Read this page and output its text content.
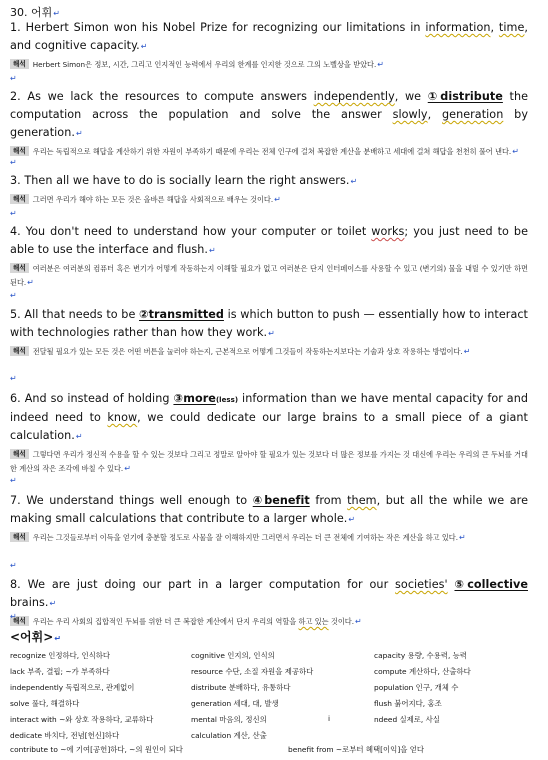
30. 어휘↵
1. Herbert Simon won his Nobel Prize for recognizing our limitations in information, time, and cognitive capacity.↵
해석 Herbert Simon은 정보, 시간, 그리고 인지적인 능력에서 우리의 한계를 인지한 것으로 그의 노벨상을 받았다.↵
↵
2. As we lack the resources to compute answers independently, we ①distribute the computation across the population and solve the answer slowly, generation by generation.↵
해석 우리는 독립적으로 해답을 계산하기 위한 자원이 부족하기 때문에 우리는 전체 인구에 걸쳐 복잡한 계산을 분배하고 세대에 걸쳐 해답을 천천히 풀어 낸다.↵
↵
3. Then all we have to do is socially learn the right answers.↵
해석 그러면 우리가 해야 하는 모든 것은 올바른 해답을 사회적으로 배우는 것이다.↵
↵
4. You don't need to understand how your computer or toilet works; you just need to be able to use the interface and flush.↵
해석 여러분은 여러분의 컴퓨터 혹은 변기가 어떻게 작동하는지 이해할 필요가 없고 여러분은 단지 인터페이스를 사용할 수 있고 (변기의) 물을 내릴 수 있기만 하면 된다.↵
↵
5. All that needs to be ②transmitted is which button to push — essentially how to interact with technologies rather than how they work.↵
해석 전달될 필요가 있는 모든 것은 어떤 버튼을 눌러야 하는지, 근본적으로 어떻게 그것들이 작동하는지보다는 기술과 상호 작용하는 방법이다.↵
↵
6. And so instead of holding ③more(less) information than we have mental capacity for and indeed need to know, we could dedicate our large brains to a small piece of a giant calculation.↵
해석 그렇다면 우리가 정신적 수용을 할 수 있는 것보다 그리고 정말로 알아야 할 필요가 있는 것보다 더 많은 정보를 가지는 것 대신에 우리는 우리의 큰 두뇌를 거대한 계산의 작은 조각에 바칠 수 있다.↵
↵
7. We understand things well enough to ④benefit from them, but all the while we are making small calculations that contribute to a larger whole.↵
해석 우리는 그것들로부터 이득을 얻기에 충분할 정도로 사물을 잘 이해하지만 그러면서 우리는 더 큰 전체에 기여하는 작은 계산을 하고 있다.↵
↵
8. We are just doing our part in a larger computation for our societies' ⑤collective brains.↵
해석 우리는 우리 사회의 집합적인 두뇌를 위한 더 큰 복잡한 계산에서 단지 우리의 역할을 하고 있는 것이다.↵
↵
<어휘>↵
recognize 인정하다, 인식하다	cognitive 인지의, 인식의	capacity 용량, 수용력, 능력
lack 부족, 결핍; ~가 부족하다	resource 수단, 소질 자원을 제공하다	compute 계산하다, 산출하다
independently 독립적으로, 관계없이	distribute 분배하다, 유통하다	population 인구, 개체 수
solve 풀다, 해결하다	generation 세대, 대, 발생	flush 붉어지다, 홍조
interact with ~와 상호 작용하다, 교류하다	mental 마음의, 정신의	i	ndeed 실제로, 사실
dedicate 바치다, 전념[헌신]하다	calculation 계산, 산출
contribute to ~에 기여[공헌]하다, ~의 원인이 되다	benefit from ~로부터 혜택[이익]을 얻다
